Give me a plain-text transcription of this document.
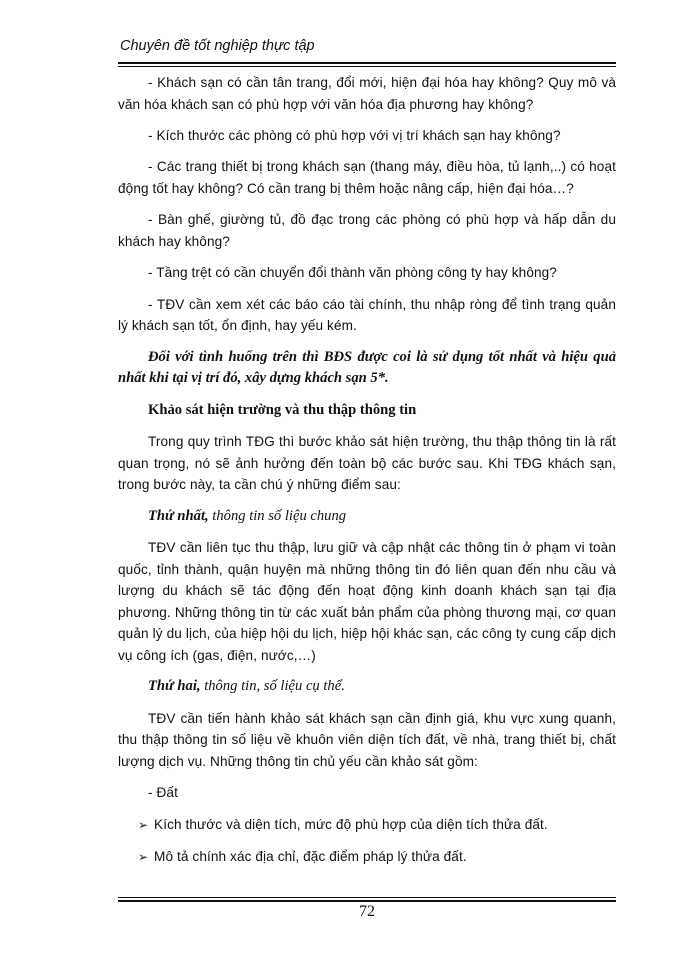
Chuyên đề tốt nghiệp thực tập

- Khách sạn có cần tân trang, đổi mới, hiện đại hóa hay không? Quy mô và văn hóa khách sạn có phù hợp với văn hóa địa phương hay không?

- Kích thước các phòng có phù hợp với vị trí khách sạn hay không?

- Các trang thiết bị trong khách sạn (thang máy, điều hòa, tủ lạnh,..) có hoạt động tốt hay không? Có cần trang bị thêm hoặc nâng cấp, hiện đại hóa…?

- Bàn ghế, giường tủ, đồ đạc trong các phòng có phù hợp và hấp dẫn du khách hay không?

- Tầng trệt có cần chuyển đổi thành văn phòng công ty hay không?

- TĐV cần xem xét các báo cáo tài chính, thu nhập ròng để tình trạng quản lý khách sạn tốt, ổn định, hay yếu kém.

Đối với tình huống trên thì BĐS được coi là sử dụng tốt nhất và hiệu quả nhất khi tại vị trí đó, xây dựng khách sạn 5*.

Khảo sát hiện trường và thu thập thông tin

Trong quy trình TĐG thì bước khảo sát hiện trường, thu thập thông tin là rất quan trọng, nó sẽ ảnh hưởng đến toàn bộ các bước sau. Khi TĐG khách sạn, trong bước này, ta cần chú ý những điểm sau:

Thứ nhất, thông tin số liệu chung

TĐV cần liên tục thu thập, lưu giữ và cập nhật các thông tin ở phạm vi toàn quốc, tỉnh thành, quận huyện mà những thông tin đó liên quan đến nhu cầu và lượng du khách sẽ tác động đến hoạt động kinh doanh khách sạn tại địa phương. Những thông tin từ các xuất bản phẩm của phòng thương mại, cơ quan quản lý du lịch, của hiệp hội du lịch, hiệp hội khác sạn, các công ty cung cấp dịch vụ công ích (gas, điện, nước,…)

Thứ hai, thông tin, số liệu cụ thể.

TĐV cần tiến hành khảo sát khách sạn cần định giá, khu vực xung quanh, thu thập thông tin số liệu về khuôn viên diện tích đất, về nhà, trang thiết bị, chất lượng dịch vụ. Những thông tin chủ yếu cần khảo sát gồm:

- Đất

➢ Kích thước và diện tích, mức độ phù hợp của diện tích thửa đất.

➢ Mô tả chính xác địa chỉ, đặc điểm pháp lý thửa đất.

72
